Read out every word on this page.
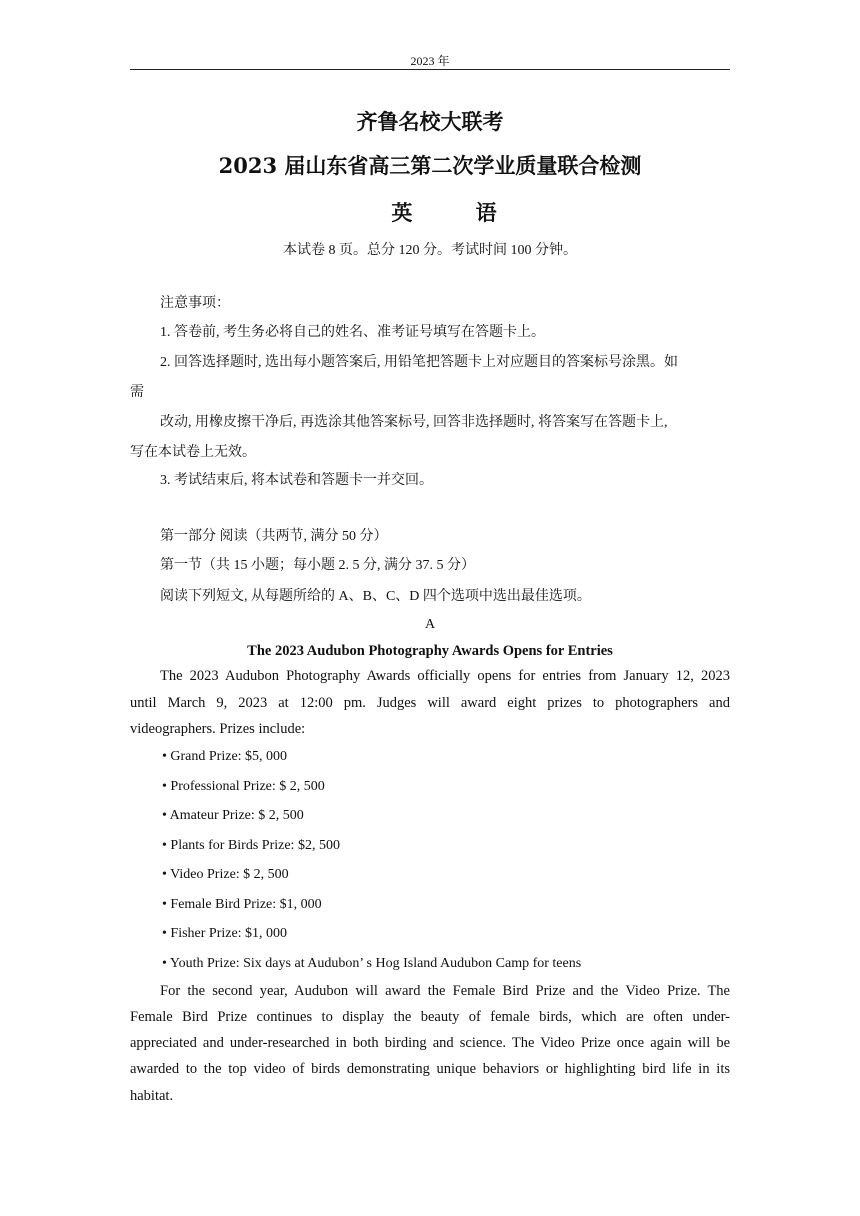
2023 年
齐鲁名校大联考
2023 届山东省高三第二次学业质量联合检测
英 语
本试卷 8 页。总分 120 分。考试时间 100 分钟。
注意事项：
1. 答卷前, 考生务必将自己的姓名、准考证号填写在答题卡上。
2. 回答选择题时, 选出每小题答案后, 用铅笔把答题卡上对应题目的答案标号涂黑。如
需
改动, 用橡皮擦干净后, 再选涂其他答案标号, 回答非选择题时, 将答案写在答题卡上,
写在本试卷上无效。
3. 考试结束后, 将本试卷和答题卡一并交回。
第一部分 阅读（共两节, 满分 50 分）
第一节（共 15 小题；每小题 2. 5 分, 满分 37. 5 分）
阅读下列短文, 从每题所给的 A、B、C、D 四个选项中选出最佳选项。
A
The 2023 Audubon Photography Awards Opens for Entries
The 2023 Audubon Photography Awards officially opens for entries from January 12, 2023
until March 9, 2023 at 12:00 pm. Judges will award eight prizes to photographers and
videographers. Prizes include:
• Grand Prize: $5, 000
• Professional Prize: $ 2, 500
• Amateur Prize: $ 2, 500
• Plants for Birds Prize: $2, 500
• Video Prize: $ 2, 500
• Female Bird Prize: $1, 000
• Fisher Prize: $1, 000
• Youth Prize: Six days at Audubon’ s Hog Island Audubon Camp for teens
For the second year, Audubon will award the Female Bird Prize and the Video Prize. The
Female Bird Prize continues to display the beauty of female birds, which are often under-
appreciated and under-researched in both birding and science. The Video Prize once again will be
awarded to the top video of birds demonstrating unique behaviors or highlighting bird life in its
habitat.
